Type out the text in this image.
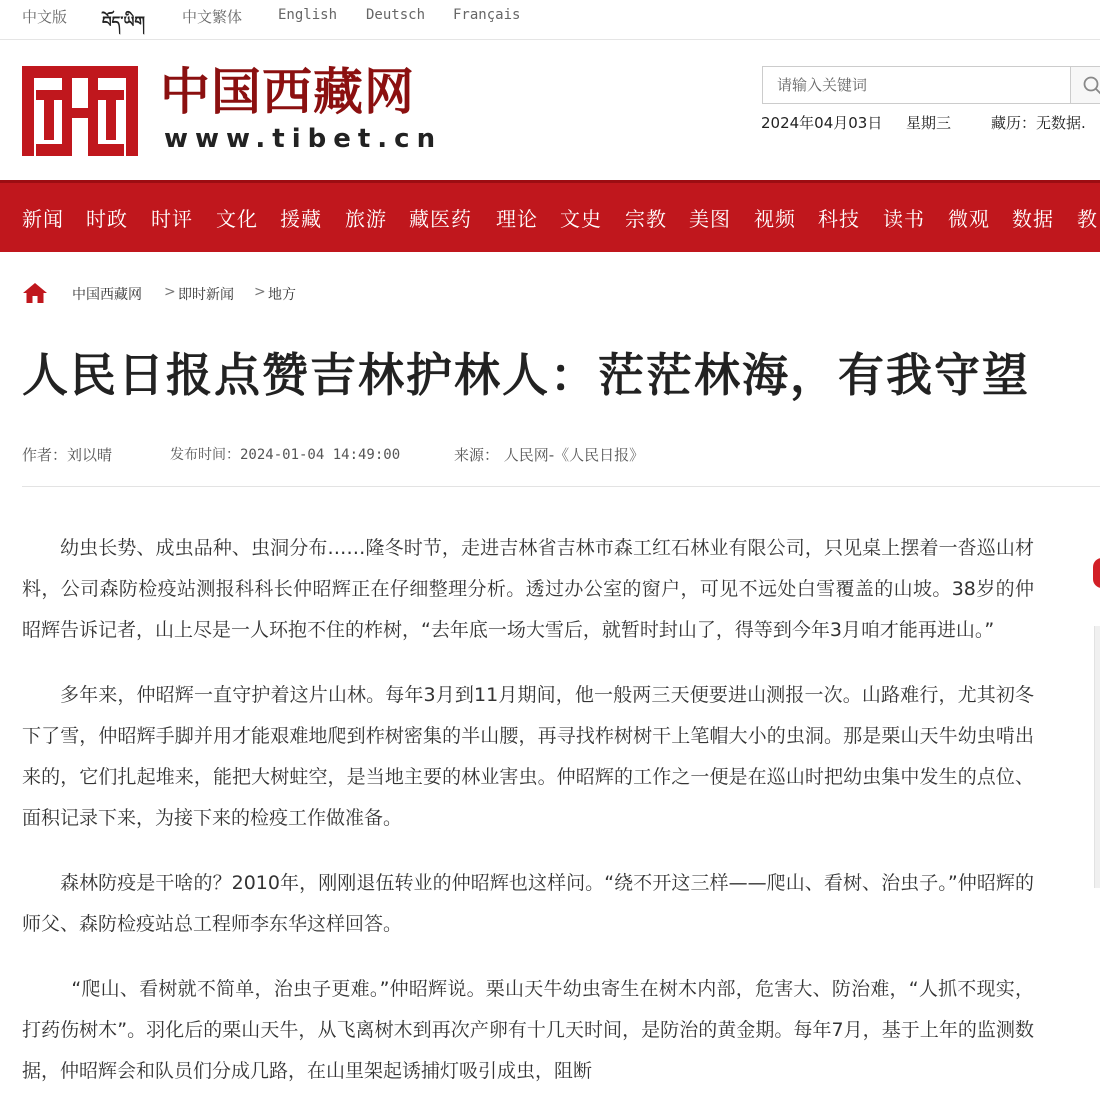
中文版 བོད་ཡིག 中文繁体	English Deutsch Français
中国西藏网
www.tibet.cn
请输入关键词
2024年04月03日 星期三	藏历：无数据.
新闻 时政 时评 文化 援藏 旅游 藏医药 理论 文史 宗教 美图 视频 科技 读书 微观 数据 教
中国西藏网 > 即时新闻 > 地方
人民日报点赞吉林护林人：茫茫林海，有我守望
作者：刘以晴	发布时间：2024-01-04 14:49:00	来源： 人民网-《人民日报》

幼虫长势、成虫品种、虫洞分布……隆冬时节，走进吉林省吉林市森工红石林业有限公司，只见桌上摆着一沓巡山材料，公司森防检疫站测报科科长仲昭辉正在仔细整理分析。透过办公室的窗户，可见不远处白雪覆盖的山坡。38岁的仲昭辉告诉记者，山上尽是一人环抱不住的柞树，“去年底一场大雪后，就暂时封山了，得等到今年3月咱才能再进山。”

多年来，仲昭辉一直守护着这片山林。每年3月到11月期间，他一般两三天便要进山测报一次。山路难行，尤其初冬下了雪，仲昭辉手脚并用才能艰难地爬到柞树密集的半山腰，再寻找柞树树干上笔帽大小的虫洞。那是栗山天牛幼虫啃出来的，它们扎起堆来，能把大树蛀空，是当地主要的林业害虫。仲昭辉的工作之一便是在巡山时把幼虫集中发生的点位、面积记录下来，为接下来的检疫工作做准备。

森林防疫是干啥的？2010年，刚刚退伍转业的仲昭辉也这样问。“绕不开这三样——爬山、看树、治虫子。”仲昭辉的师父、森防检疫站总工程师李东华这样回答。

“爬山、看树就不简单，治虫子更难。”仲昭辉说。栗山天牛幼虫寄生在树木内部，危害大、防治难，“人抓不现实，打药伤树木”。羽化后的栗山天牛，从飞离树木到再次产卵有十几天时间，是防治的黄金期。每年7月，基于上年的监测数据，仲昭辉会和队员们分成几路，在山里架起诱捕灯吸引成虫，阻断
